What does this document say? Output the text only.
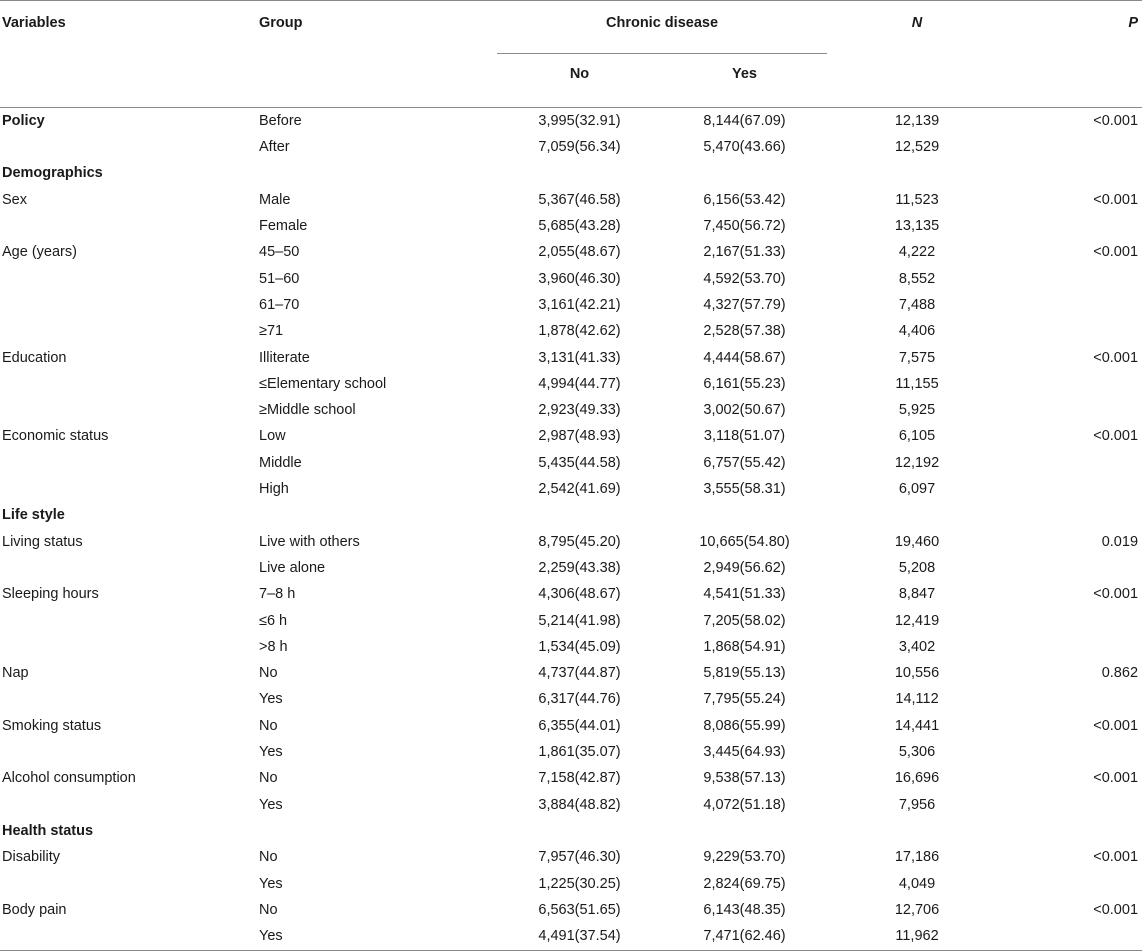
Variables	Group	Chronic disease		N	P
		No	Yes		
Policy	Before	3,995(32.91)	8,144(67.09)	12,139	<0.001
	After	7,059(56.34)	5,470(43.66)	12,529	
Demographics					
Sex	Male	5,367(46.58)	6,156(53.42)	11,523	<0.001
	Female	5,685(43.28)	7,450(56.72)	13,135	
Age (years)	45–50	2,055(48.67)	2,167(51.33)	4,222	<0.001
	51–60	3,960(46.30)	4,592(53.70)	8,552	
	61–70	3,161(42.21)	4,327(57.79)	7,488	
	≥71	1,878(42.62)	2,528(57.38)	4,406	
Education	Illiterate	3,131(41.33)	4,444(58.67)	7,575	<0.001
	≤Elementary school	4,994(44.77)	6,161(55.23)	11,155	
	≥Middle school	2,923(49.33)	3,002(50.67)	5,925	
Economic status	Low	2,987(48.93)	3,118(51.07)	6,105	<0.001
	Middle	5,435(44.58)	6,757(55.42)	12,192	
	High	2,542(41.69)	3,555(58.31)	6,097	
Life style					
Living status	Live with others	8,795(45.20)	10,665(54.80)	19,460	0.019
	Live alone	2,259(43.38)	2,949(56.62)	5,208	
Sleeping hours	7–8 h	4,306(48.67)	4,541(51.33)	8,847	<0.001
	≤6 h	5,214(41.98)	7,205(58.02)	12,419	
	>8 h	1,534(45.09)	1,868(54.91)	3,402	
Nap	No	4,737(44.87)	5,819(55.13)	10,556	0.862
	Yes	6,317(44.76)	7,795(55.24)	14,112	
Smoking status	No	6,355(44.01)	8,086(55.99)	14,441	<0.001
	Yes	1,861(35.07)	3,445(64.93)	5,306	
Alcohol consumption	No	7,158(42.87)	9,538(57.13)	16,696	<0.001
	Yes	3,884(48.82)	4,072(51.18)	7,956	
Health status					
Disability	No	7,957(46.30)	9,229(53.70)	17,186	<0.001
	Yes	1,225(30.25)	2,824(69.75)	4,049	
Body pain	No	6,563(51.65)	6,143(48.35)	12,706	<0.001
	Yes	4,491(37.54)	7,471(62.46)	11,962	
